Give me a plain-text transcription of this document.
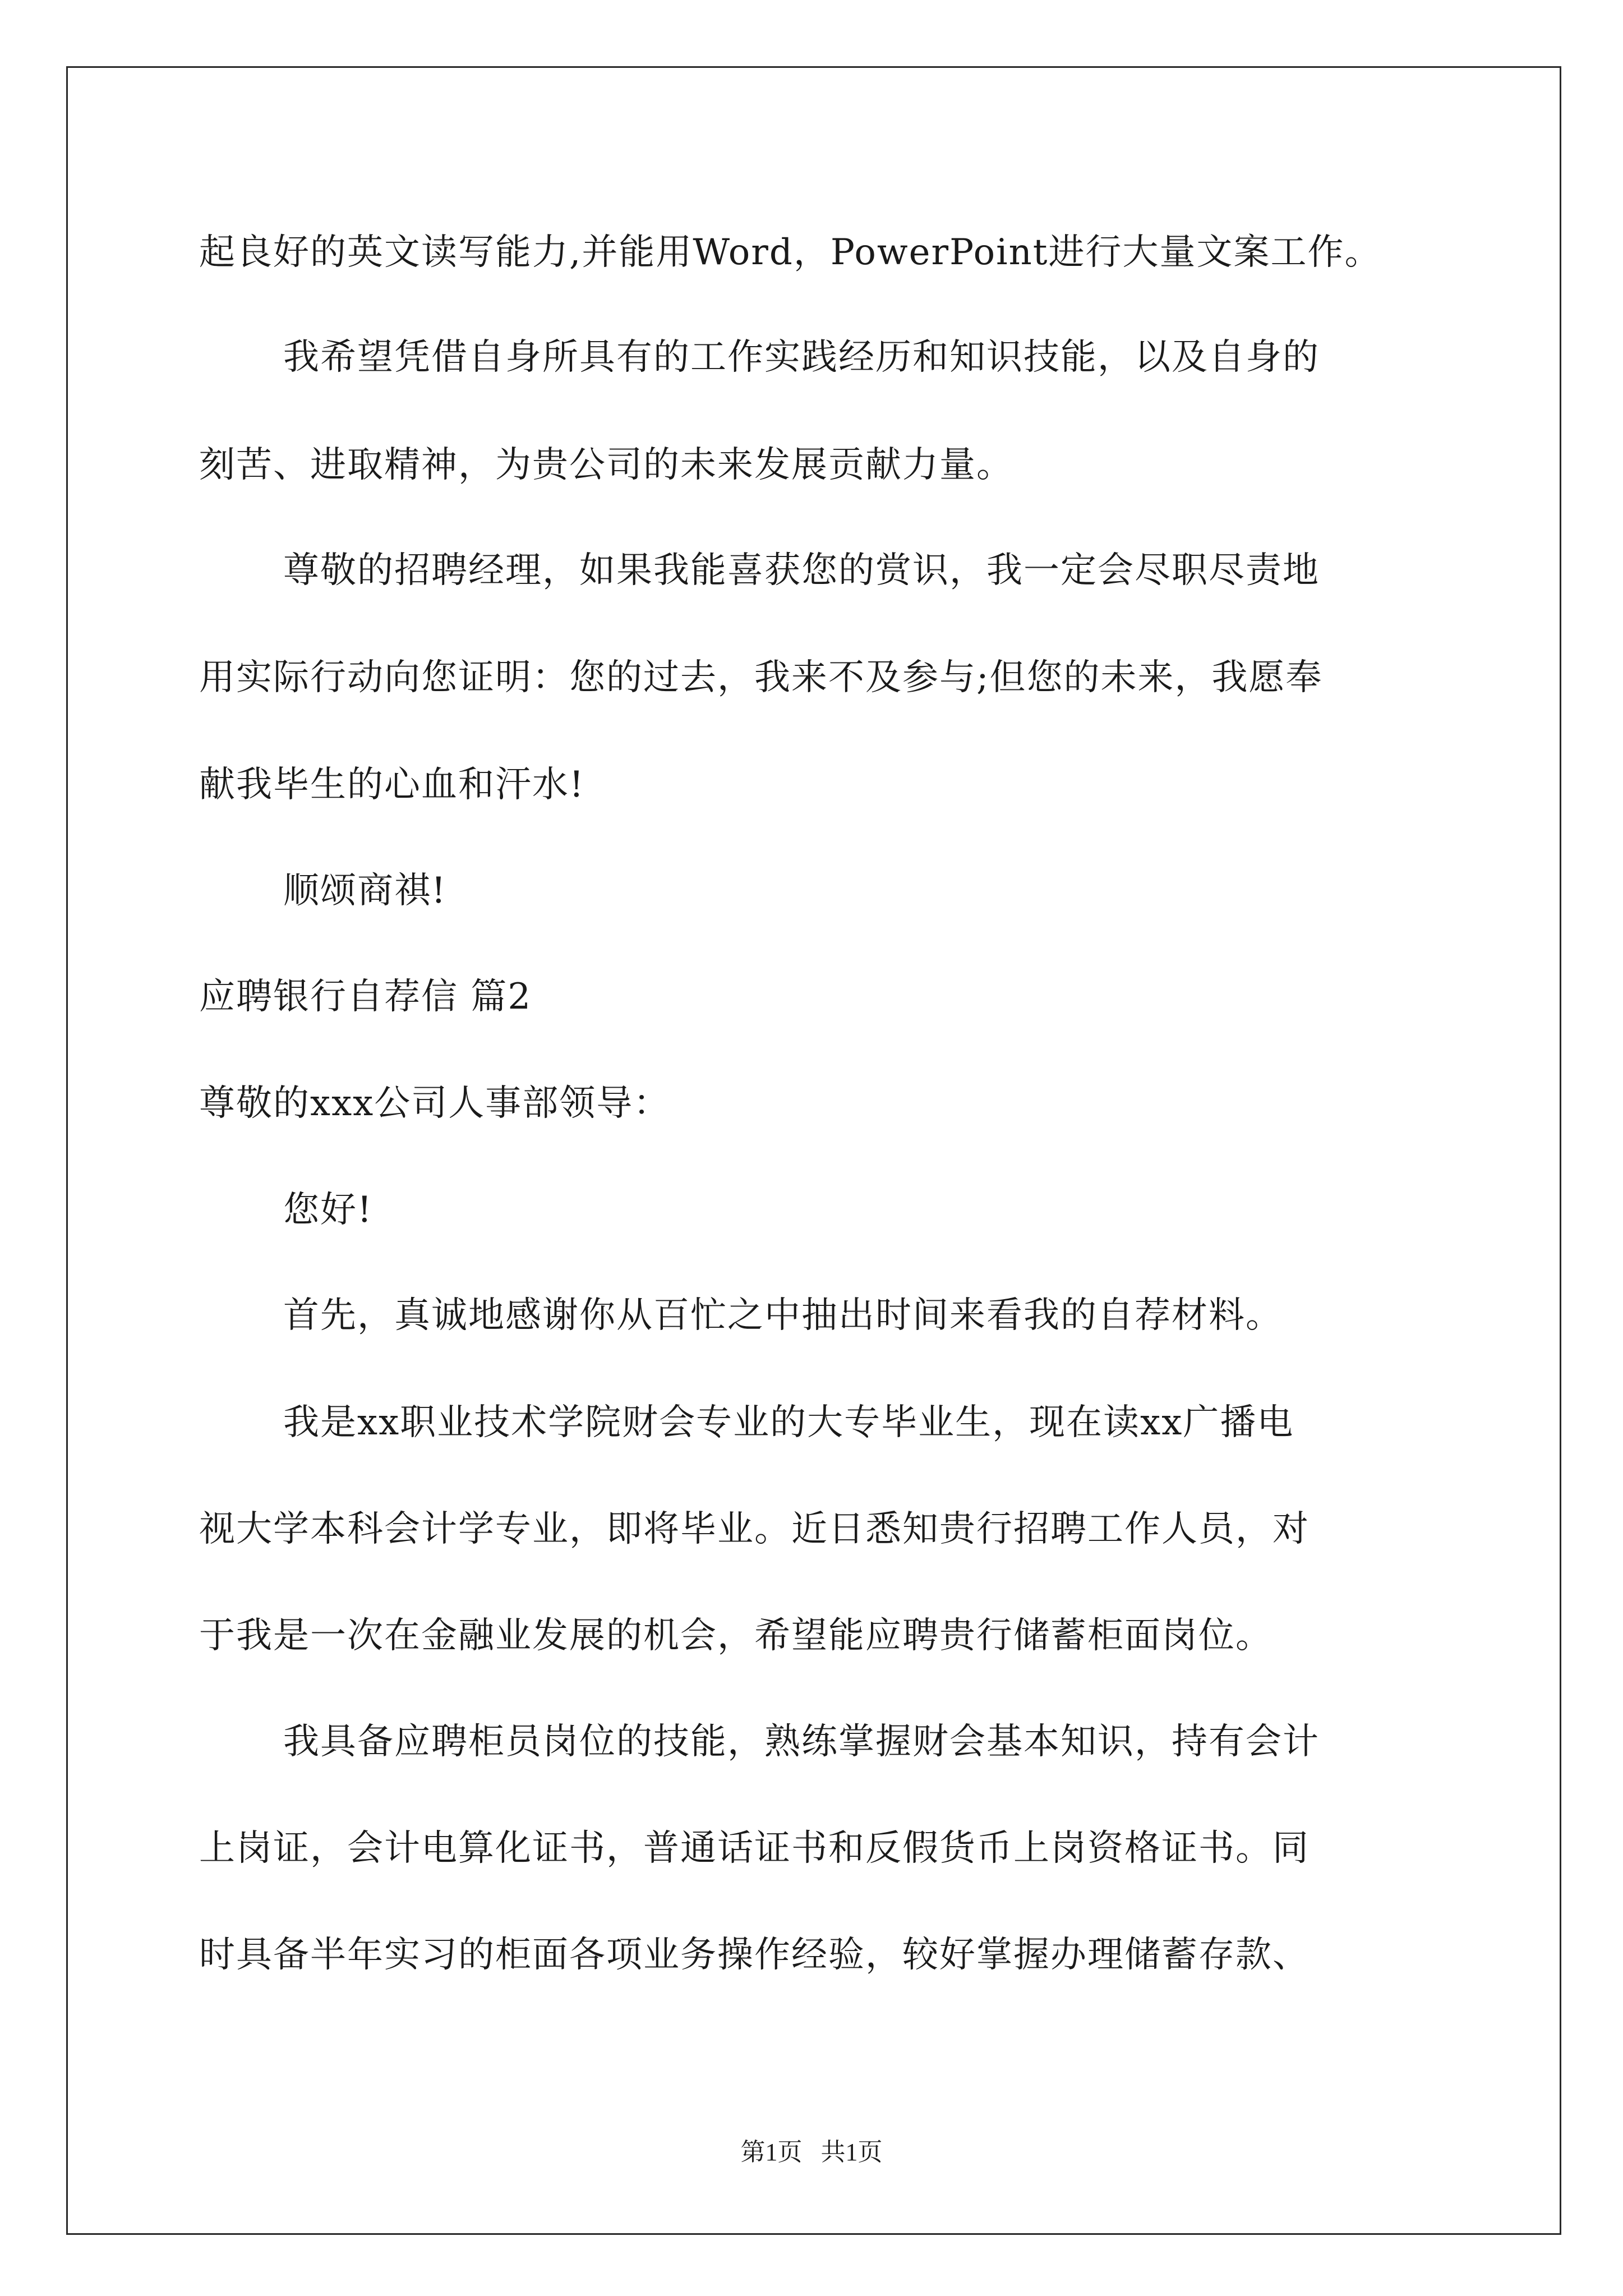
起良好的英文读写能力,并能用Word，PowerPoint进行大量文案工作。

我希望凭借自身所具有的工作实践经历和知识技能，以及自身的

刻苦、进取精神，为贵公司的未来发展贡献力量。

尊敬的招聘经理，如果我能喜获您的赏识，我一定会尽职尽责地

用实际行动向您证明：您的过去，我来不及参与;但您的未来，我愿奉

献我毕生的心血和汗水!

顺颂商祺!

应聘银行自荐信 篇2

尊敬的xxx公司人事部领导：

您好!

首先，真诚地感谢你从百忙之中抽出时间来看我的自荐材料。

我是xx职业技术学院财会专业的大专毕业生，现在读xx广播电

视大学本科会计学专业，即将毕业。近日悉知贵行招聘工作人员，对

于我是一次在金融业发展的机会，希望能应聘贵行储蓄柜面岗位。

我具备应聘柜员岗位的技能，熟练掌握财会基本知识，持有会计

上岗证，会计电算化证书，普通话证书和反假货币上岗资格证书。同

时具备半年实习的柜面各项业务操作经验，较好掌握办理储蓄存款、

第1页   共1页
